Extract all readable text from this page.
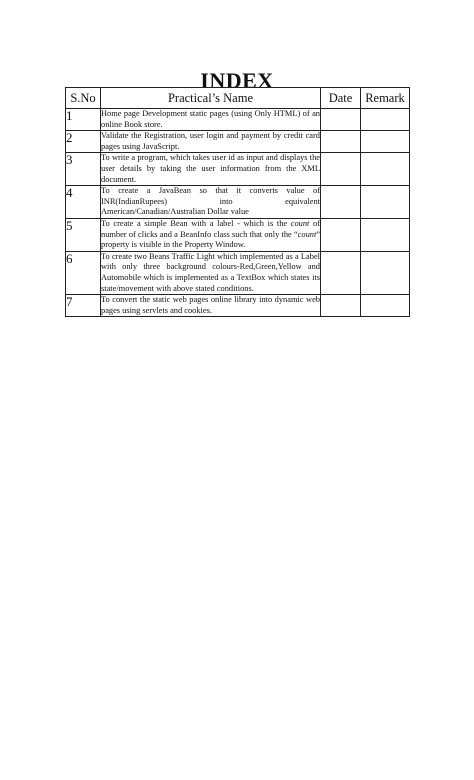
INDEX
S.No	Practical’s Name	Date	Remark
1	Home page Development static pages (using Only HTML) of an online Book store.		
2	Validate the Registration, user login and payment by credit card pages using JavaScript.		
3	To write a program, which takes user id as input and displays the user details by taking the user information from the XML document.		
4	To create a JavaBean so that it converts value of INR(IndianRupees) into equivalent American/Canadian/Australian Dollar value		
5	To create a simple Bean with a label - which is the count of number of clicks and a BeanInfo class such that only the “count” property is visible in the Property Window.		
6	To create two Beans Traffic Light which implemented as a Label with only three background colours-Red,Green,Yellow and Automobile which is implemented as a TextBox which states its state/movement with above stated conditions.		
7	To convert the static web pages online library into dynamic web pages using servlets and cookies.		
